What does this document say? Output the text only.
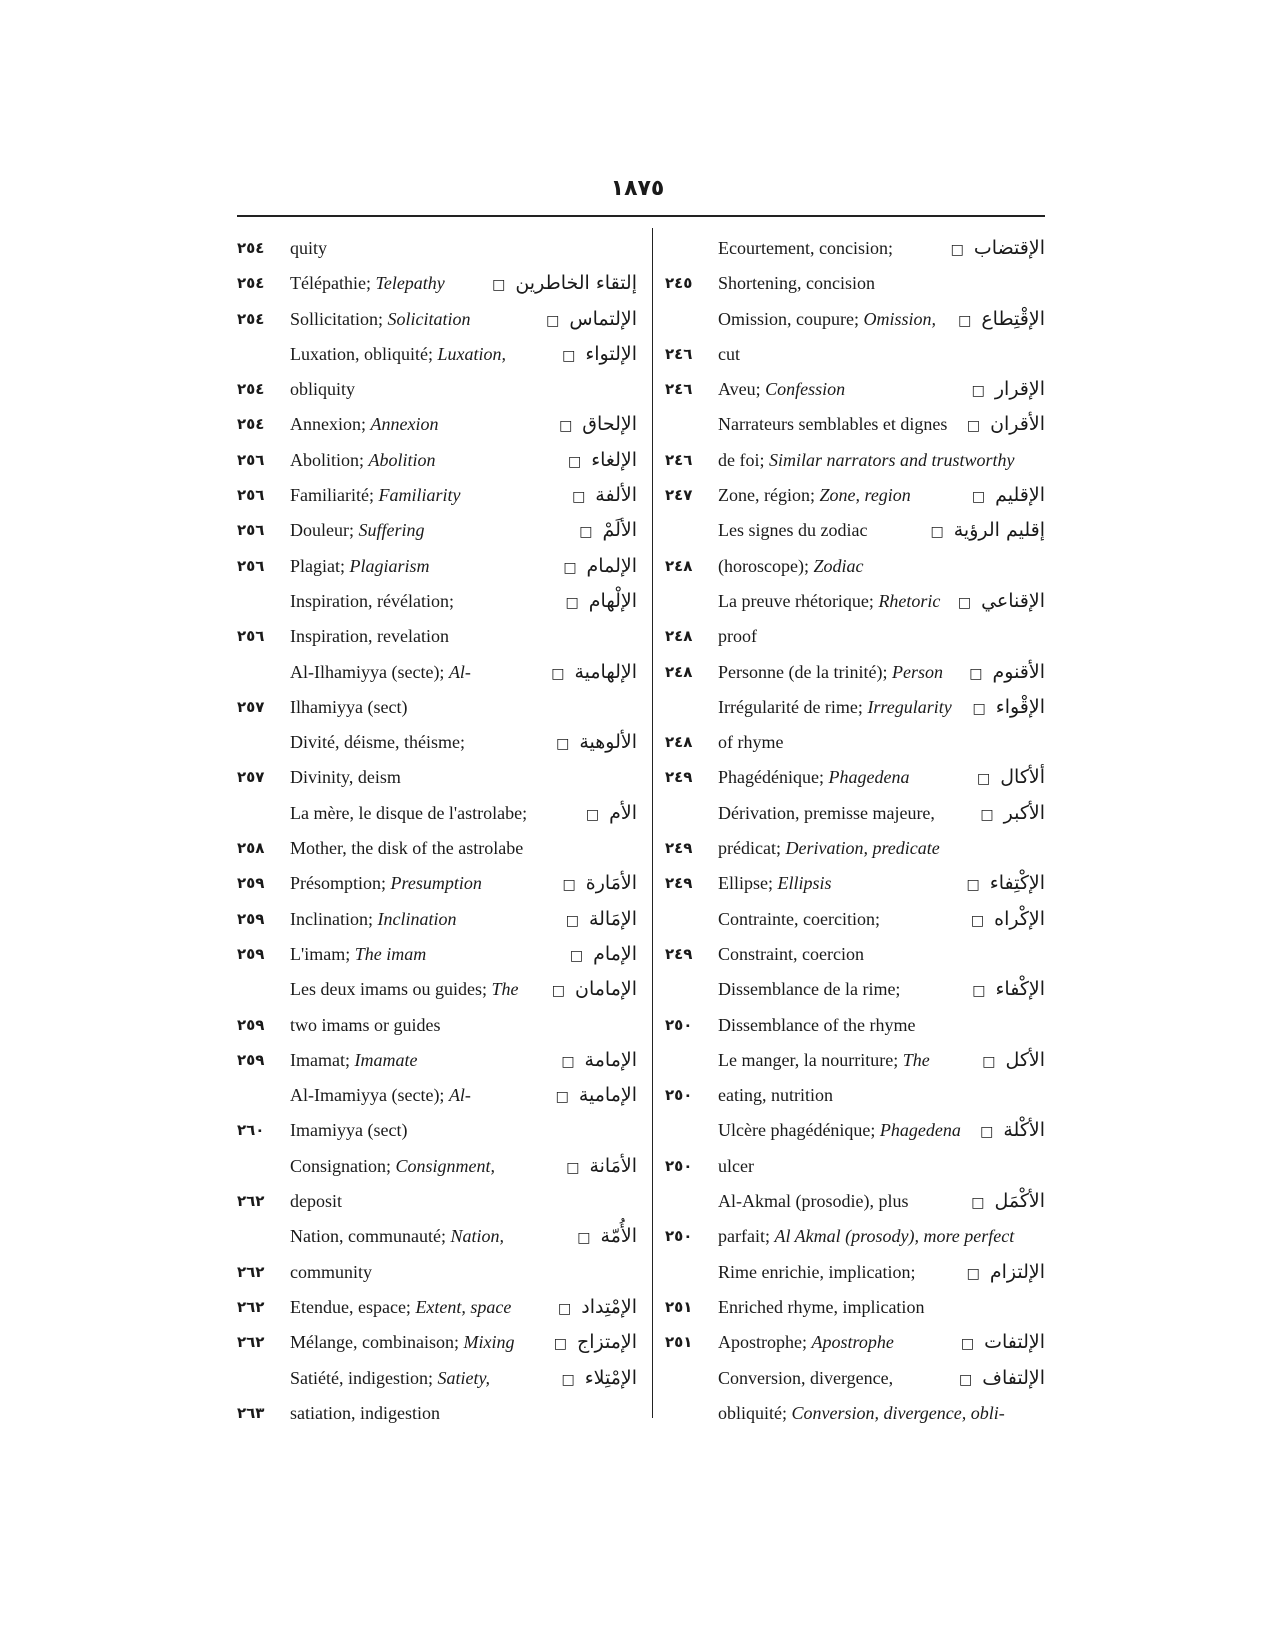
١٨٧٥
Ecourtement, concision;	الإقتضاب □
٢٤٥	Shortening, concision
Omission, coupure; Omission,	الإقْتِطاع □
٢٤٦	cut
٢٤٦	Aveu; Confession	الإقرار □
Narrateurs semblables et dignes	الأقران □
٢٤٦	de foi; Similar narrators and trustworthy
٢٤٧	Zone, région; Zone, region	الإقليم □
Les signes du zodiac	إقليم الرؤية □
٢٤٨	(horoscope); Zodiac
La preuve rhétorique; Rhetoric	الإقناعي □
٢٤٨	proof
٢٤٨	Personne (de la trinité); Person	الأقنوم □
Irrégularité de rime; Irregularity	الإقْواء □
٢٤٨	of rhyme
٢٤٩	Phagédénique; Phagedena	ألأكال □
Dérivation, premisse majeure,	الأكبر □
٢٤٩	prédicat; Derivation, predicate
٢٤٩	Ellipse; Ellipsis	الإكْتِفاء □
Contrainte, coercition;	الإكْراه □
٢٤٩	Constraint, coercion
Dissemblance de la rime;	الإكْفاء □
٢٥٠	Dissemblance of the rhyme
Le manger, la nourriture; The	الأكل □
٢٥٠	eating, nutrition
Ulcère phagédénique; Phagedena	الأكْلة □
٢٥٠	ulcer
Al-Akmal (prosodie), plus	الأكْمَل □
٢٥٠	parfait; Al Akmal (prosody), more perfect
Rime enrichie, implication;	الإلتزام □
٢٥١	Enriched rhyme, implication
٢٥١	Apostrophe; Apostrophe	الإلتفات □
Conversion, divergence,	الإلتفاف □
obliquité; Conversion, divergence, obli-
٢٥٤	quity
٢٥٤	Télépathie; Telepathy	إلتقاء الخاطرين □
٢٥٤	Sollicitation; Solicitation	الإلتماس □
Luxation, obliquité; Luxation,	الإلتواء □
٢٥٤	obliquity
٢٥٤	Annexion; Annexion	الإلحاق □
٢٥٦	Abolition; Abolition	الإلغاء □
٢٥٦	Familiarité; Familiarity	الألفة □
٢٥٦	Douleur; Suffering	الألَمْ □
٢٥٦	Plagiat; Plagiarism	الإلمام □
Inspiration, révélation;	الإلْهام □
٢٥٦	Inspiration, revelation
Al-Ilhamiyya (secte); Al-	الإلهامية □
٢٥٧	Ilhamiyya (sect)
Divité, déisme, théisme;	الألوهية □
٢٥٧	Divinity, deism
La mère, le disque de l'astrolabe;	الأم □
٢٥٨	Mother, the disk of the astrolabe
٢٥٩	Présomption; Presumption	الأمَارة □
٢٥٩	Inclination; Inclination	الإمَالة □
٢٥٩	L'imam; The imam	الإمام □
Les deux imams ou guides; The	الإمامان □
٢٥٩	two imams or guides
٢٥٩	Imamat; Imamate	الإمامة □
Al-Imamiyya (secte); Al-	الإمامية □
٢٦٠	Imamiyya (sect)
Consignation; Consignment,	الأمَانة □
٢٦٢	deposit
Nation, communauté; Nation,	الأُمّة □
٢٦٢	community
٢٦٢	Etendue, espace; Extent, space	الإمْتِداد □
٢٦٢	Mélange, combinaison; Mixing	الإمتزاج □
Satiété, indigestion; Satiety,	الإمْتِلاء □
٢٦٣	satiation, indigestion
